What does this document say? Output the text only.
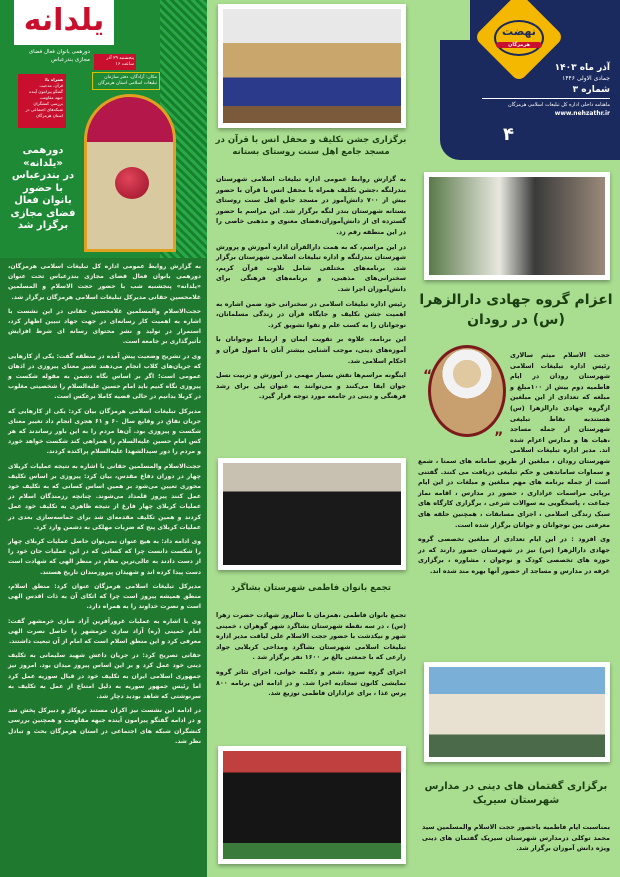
یلدانه
دورهمی بانوان فعال فضای مجازی بندرعباس	پنجشنبه ۲۹ آذر ساعت ۱۶
مکان: آزادگان، دفتر سازمان تبلیغات اسلامی استان هرمزگان
همراه با:
قرآن، مدحیت
گفتگو پیرامون آینده جبهه مقاومت
بررسی کنشگران شبکه‌های اجتماعی در استان هرمزگان
دورهمی
«یلدانه»
در بندرعباس
با حضور
بانوان فعال
فضای مجازی
برگزار شد

به گزارش روابط عمومی اداره کل تبلیغات اسلامی هرمزگان، دورهمی بانوان فعال فضای مجازی بندرعباس تحت عنوان «یلدانه» پنجشنبه شب با حضور حجت الاسلام و المسلمین غلامحسین حقانی مدیرکل تبلیغات اسلامی هرمزگان برگزار شد.

حجت‌الاسلام والمسلمین غلامحسین حقانی در این نشست با اشاره به اهمیت کار رسانه‌ای در جهت جهاد تبیین اظهار کرد، استمرار در تولید و نشر محتوای رسانه ای شرط افزایش تأثیرگذاری بر جامعه است.

وی در تشریح وضعیت پیش آمده در منطقه گفت: یکی از کارهایی که جریان‌های کلاب انجام می‌دهند تغییر معنای پیروزی در اذهان عمومی است؛ اگر بر اساس نگاه دشمن به مقوله شکست و پیروزی نگاه کنیم باید امام حسین علیه‌السلام را شخصیتی مغلوب در کربلا بدانیم در حالی قضیه کاملا برعکس است.

مدیرکل تبلیغات اسلامی هرمزگان بیان کرد: یکی از کارهایی که جریان نفاق در وقایع سال ۶۰ و ۶۱ هجری انجام داد تغییر معنای شکست و پیروزی بود. آن‌ها مردم را به این باور رساندند که هر کس امام حسین علیه‌السلام را همراهی کند شکست خواهد خورد و مردم را دور سیدالشهدا علیه‌السلام پراکنده کردند.

حجت‌الاسلام والمسلمین حقانی با اشاره به نتیجه عملیات کربلای چهار در دوران دفاع مقدس، بیان کرد: پیروزی بر اساس تکلیف محوری تعیین می‌شود بر همین اساس کسانی که به تکلیف خود عمل کنند پیروز قلمداد می‌شوند. چنانچه رزمندگان اسلام در عملیات کربلای چهار فارغ از نتیجه ظاهری به تکلیف خود عمل کردند و همین تکلیف مقدمه‌ای شد برای حماسه‌سازی بعدی در عملیات کربلای پنج که ضربات مهلکی به دشمن وارد کرد.

وی ادامه داد: به هیچ عنوان نمی‌توان حاصل عملیات کربلای چهار را شکست دانست چرا که کسانی که در این عملیات جان خود را از دست دادند به عالی‌ترین مقام در منظر الهی که شهادت است دست پیدا کرده اند و شهیدان پیروزمندان تاریخ هستند.

مدیرکل تبلیغات اسلامی هرمزگان عنوان کرد: منطق اسلام، منطق همیشه پیروز است چرا که اتکای آن به ذات اقدس الهی است و نصرت خداوند را به همراه دارد.

وی با اشاره به عملیات غرورآفرین آزاد سازی خرمشهر گفت: امام خمینی (ره) آزاد سازی خرمشهر را حاصل نصرت الهی معرفی کرد و این منطق اسلام است که امام از آن تبعیت داشتند.

حقانی تصریح کرد: در جریان داعش شهید سلیمانی به تکلیف دینی خود عمل کرد و بر این اساس پیروز میدان بود. امروز نیز جمهوری اسلامی ایران به تکلیف خود در قبال سوریه عمل کرد اما رئیس جمهور سوریه به دلیل امتناع از عمل به تکلیف به سرنوشتی که شاهد بودید دچار شد.

در ادامه این نشست نیز اکران مستند تروکاژ و دبیرکل پخش شد و در ادامه گفتگو پیرامون آینده جبهه مقاومت و همچنین بررسی کنشگران شبکه های اجتماعی در استان هرمزگان بحث و تبادل نظر شد.

برگزاری جشن تکلیف و محفل انس با قرآن در مسجد جامع اهل سنت روستای بستانه

به گزارش روابط عمومی اداره تبلیغات اسلامی شهرستان بندرلنگه ،جشن تکلیف همراه با محفل انس با قرآن با حضور بیش از ۷۰۰ دانش‌آموز در مسجد جامع اهل سنت روستای بستانه شهرستان بندر لنگه برگزار شد. این مراسم با حضور گسترده ای از دانش‌آموزان،فضای معنوی و مذهبی خاصی را در این منطقه رقم زد.

در این مراسم، که به همت دارالقرآن اداره آموزش و پرورش شهرستان بندرلنگه و اداره تبلیغات اسلامی شهرستان برگزار شد، برنامه‌های مختلفی شامل تلاوت قرآن کریم، سخنرانی‌های مذهبی، و برنامه‌های فرهنگی برای دانش‌آموزان اجرا شد.

رئیس اداره تبلیغات اسلامی در سخنرانی خود ضمن اشاره به اهمیت جشن تکلیف و جایگاه قرآن در زندگی مسلمانان، نوجوانان را به کسب علم و تقوا تشویق کرد.

این برنامه، علاوه بر تقویت ایمان و ارتباط نوجوانان با آموزه‌های دینی، موجب آشنایی بیشتر آنان با اصول قرآن و احکام اسلامی شد.

اینگونه مراسم‌ها نقش بسیار مهمی در آموزش و تربیت نسل جوان ایفا می‌کنند و می‌توانند به عنوان پلی برای رشد فرهنگی و دینی در جامعه مورد توجه قرار گیرد.

تجمع بانوان فاطمی شهرستان بشاگرد

تجمع بانوان فاطمی ،همزمان با سالروز شهادت حضرت زهرا (س) ، در سه نقطه شهرستان بشاگرد شهر گوهران ، خمینی شهر و نیکدشت با حضور حجت الاسلام علی لیاقت مدیر اداره تبلیغات اسلامی شهرستان بشاگرد ومداحی کربلایی جواد زارعی که با جمعتی بالغ بر ۱۶۰۰ نفر برگزار شد .

اجرای گروه سرود ،شعر و دکلمه خوانی، اجرای تئاتر گروه نمایشی کانون سجادیه اجرا شد. و در ادامه این برنامه ۸۰۰ پرس غذا ، برای عزاداران فاطمی توزیع شد.

نهضت
هرمزگان
آذر ماه ۱۴۰۳
جمادی الاولی ۱۴۴۶
شماره ۳
ماهنامه داخلی اداره کل تبلیغات اسلامی هرمزگان
www.nehzathr.ir
۴
اعزام گروه جهادی دارالزهرا (س) در رودان
“
”

حجت الاسلام میثم سالاری رئیس اداره تبلیغات اسلامی شهرستان رودان در ایام فاطمیه دوم بیش از ۱۰۰مبلغ و مبلغه که تعدادی از این مبلغین ازگروه جهادی دارالزهرا (س) هستندبه نقاط تبلیغی شهرستان از جمله مساجد ،هیات ها و مدارس اعزام شده اند. مدیر اداره تبلیغات اسلامی شهرستان رودان ، مبلغین از طریق سامانه های سمتا ، شمع و سماوات ساماندهی و حکم تبلیغی دریافت می کنند. گفتنی است از جمله برنامه های مهم مبلغین و مبلغات در این ایام برپایی مراسمات عزاداری ، حضور در مدارس ، اقامه نماز جماعت ، پاسخگویی به سوالات شرعی ، برگزاری کارگاه های سبک زندگی اسلامی ، اجرای مسابقات ، همچنین حلقه های معرفتی بین نوجوانان و جوانان برگزار شده است.

وی افزود : در این ایام تعدادی از مبلغین تخصصی گروه جهادی دارالزهرا (س) نیز در شهرستان حضور دارند که در حوزه های تخصصی کودک و نوجوان ، مشاوره ، برگزاری غرفه در مدارس و مساجد از حضور آنها بهره مند شده اند.

برگزاری گفتمان های دینی در مدارس شهرستان سیریک

بمناسبت ایام فاطمیه باحضور حجت الاسلام والمسلمین سید محمد توکلی درمدارس شهرستان سیریک گفتمان های دینی ویژه دانش آموزان برگزار شد.
